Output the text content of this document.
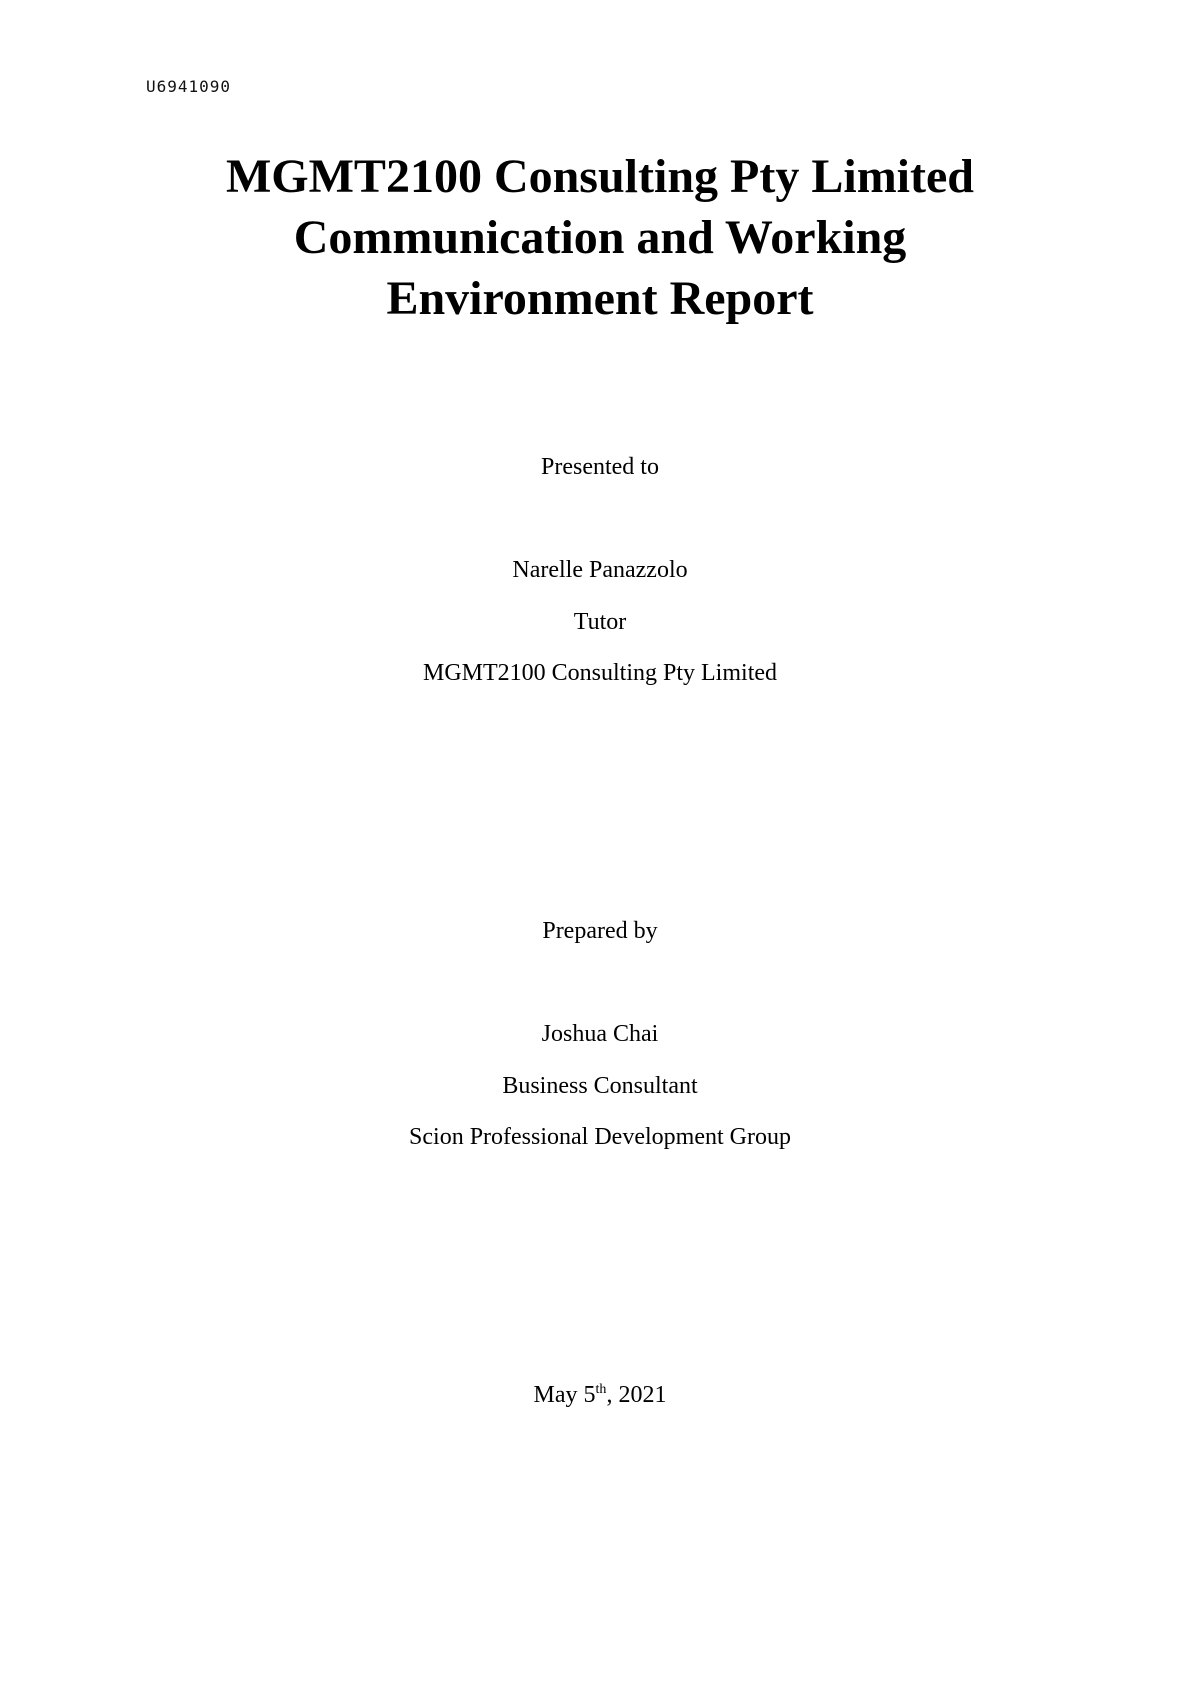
U6941090
MGMT2100 Consulting Pty Limited
Communication and Working
Environment Report

Presented to

Narelle Panazzolo

Tutor

MGMT2100 Consulting Pty Limited

Prepared by

Joshua Chai

Business Consultant

Scion Professional Development Group

May 5th, 2021
